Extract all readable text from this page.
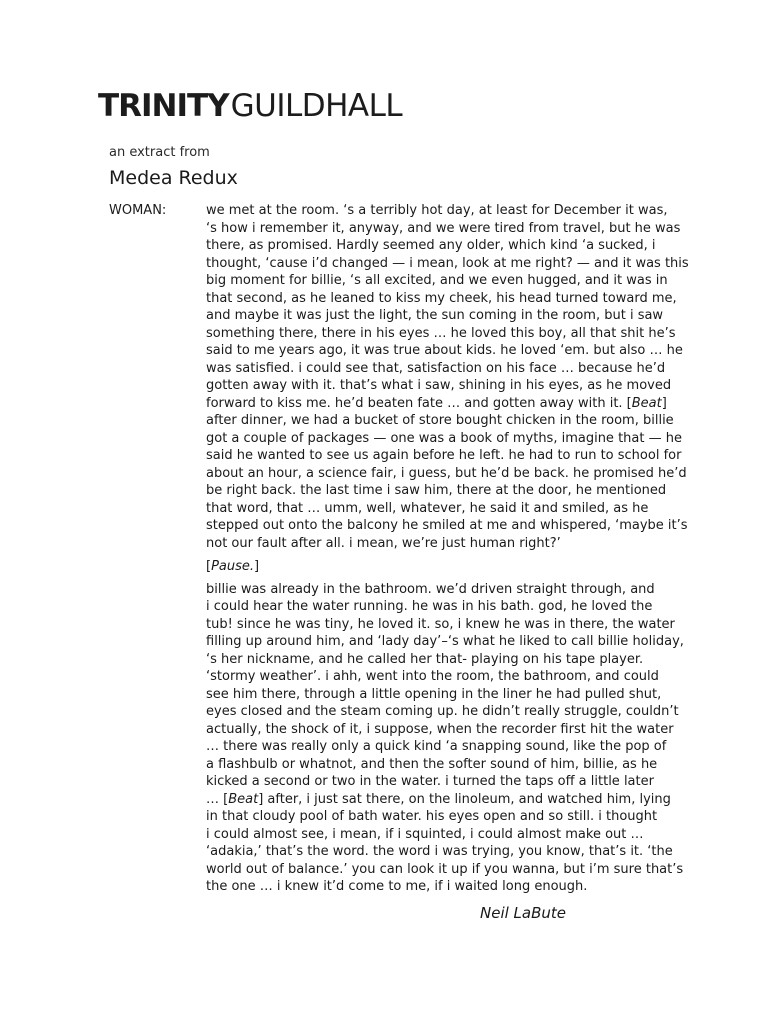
TRINITYGUILDHALL
an extract from
Medea Redux
WOMAN:	we met at the room. ‘s a terribly hot day, at least for December it was,
‘s how i remember it, anyway, and we were tired from travel, but he was
there, as promised. Hardly seemed any older, which kind ‘a sucked, i
thought, ‘cause i’d changed — i mean, look at me right? — and it was this
big moment for billie, ‘s all excited, and we even hugged, and it was in
that second, as he leaned to kiss my cheek, his head turned toward me,
and maybe it was just the light, the sun coming in the room, but i saw
something there, there in his eyes … he loved this boy, all that shit he’s
said to me years ago, it was true about kids. he loved ‘em. but also … he
was satisfied. i could see that, satisfaction on his face … because he’d
gotten away with it. that’s what i saw, shining in his eyes, as he moved
forward to kiss me. he’d beaten fate … and gotten away with it. [Beat]
after dinner, we had a bucket of store bought chicken in the room, billie
got a couple of packages — one was a book of myths, imagine that — he
said he wanted to see us again before he left. he had to run to school for
about an hour, a science fair, i guess, but he’d be back. he promised he’d
be right back. the last time i saw him, there at the door, he mentioned
that word, that … umm, well, whatever, he said it and smiled, as he
stepped out onto the balcony he smiled at me and whispered, ‘maybe it’s
not our fault after all. i mean, we’re just human right?’
[Pause.]
billie was already in the bathroom. we’d driven straight through, and
i could hear the water running. he was in his bath. god, he loved the
tub! since he was tiny, he loved it. so, i knew he was in there, the water
filling up around him, and ‘lady day’–‘s what he liked to call billie holiday,
‘s her nickname, and he called her that- playing on his tape player.
‘stormy weather’. i ahh, went into the room, the bathroom, and could
see him there, through a little opening in the liner he had pulled shut,
eyes closed and the steam coming up. he didn’t really struggle, couldn’t
actually, the shock of it, i suppose, when the recorder first hit the water
… there was really only a quick kind ‘a snapping sound, like the pop of
a flashbulb or whatnot, and then the softer sound of him, billie, as he
kicked a second or two in the water. i turned the taps off a little later
… [Beat] after, i just sat there, on the linoleum, and watched him, lying
in that cloudy pool of bath water. his eyes open and so still. i thought
i could almost see, i mean, if i squinted, i could almost make out …
‘adakia,’ that’s the word. the word i was trying, you know, that’s it. ‘the
world out of balance.’ you can look it up if you wanna, but i’m sure that’s
the one … i knew it’d come to me, if i waited long enough.
Neil LaBute
